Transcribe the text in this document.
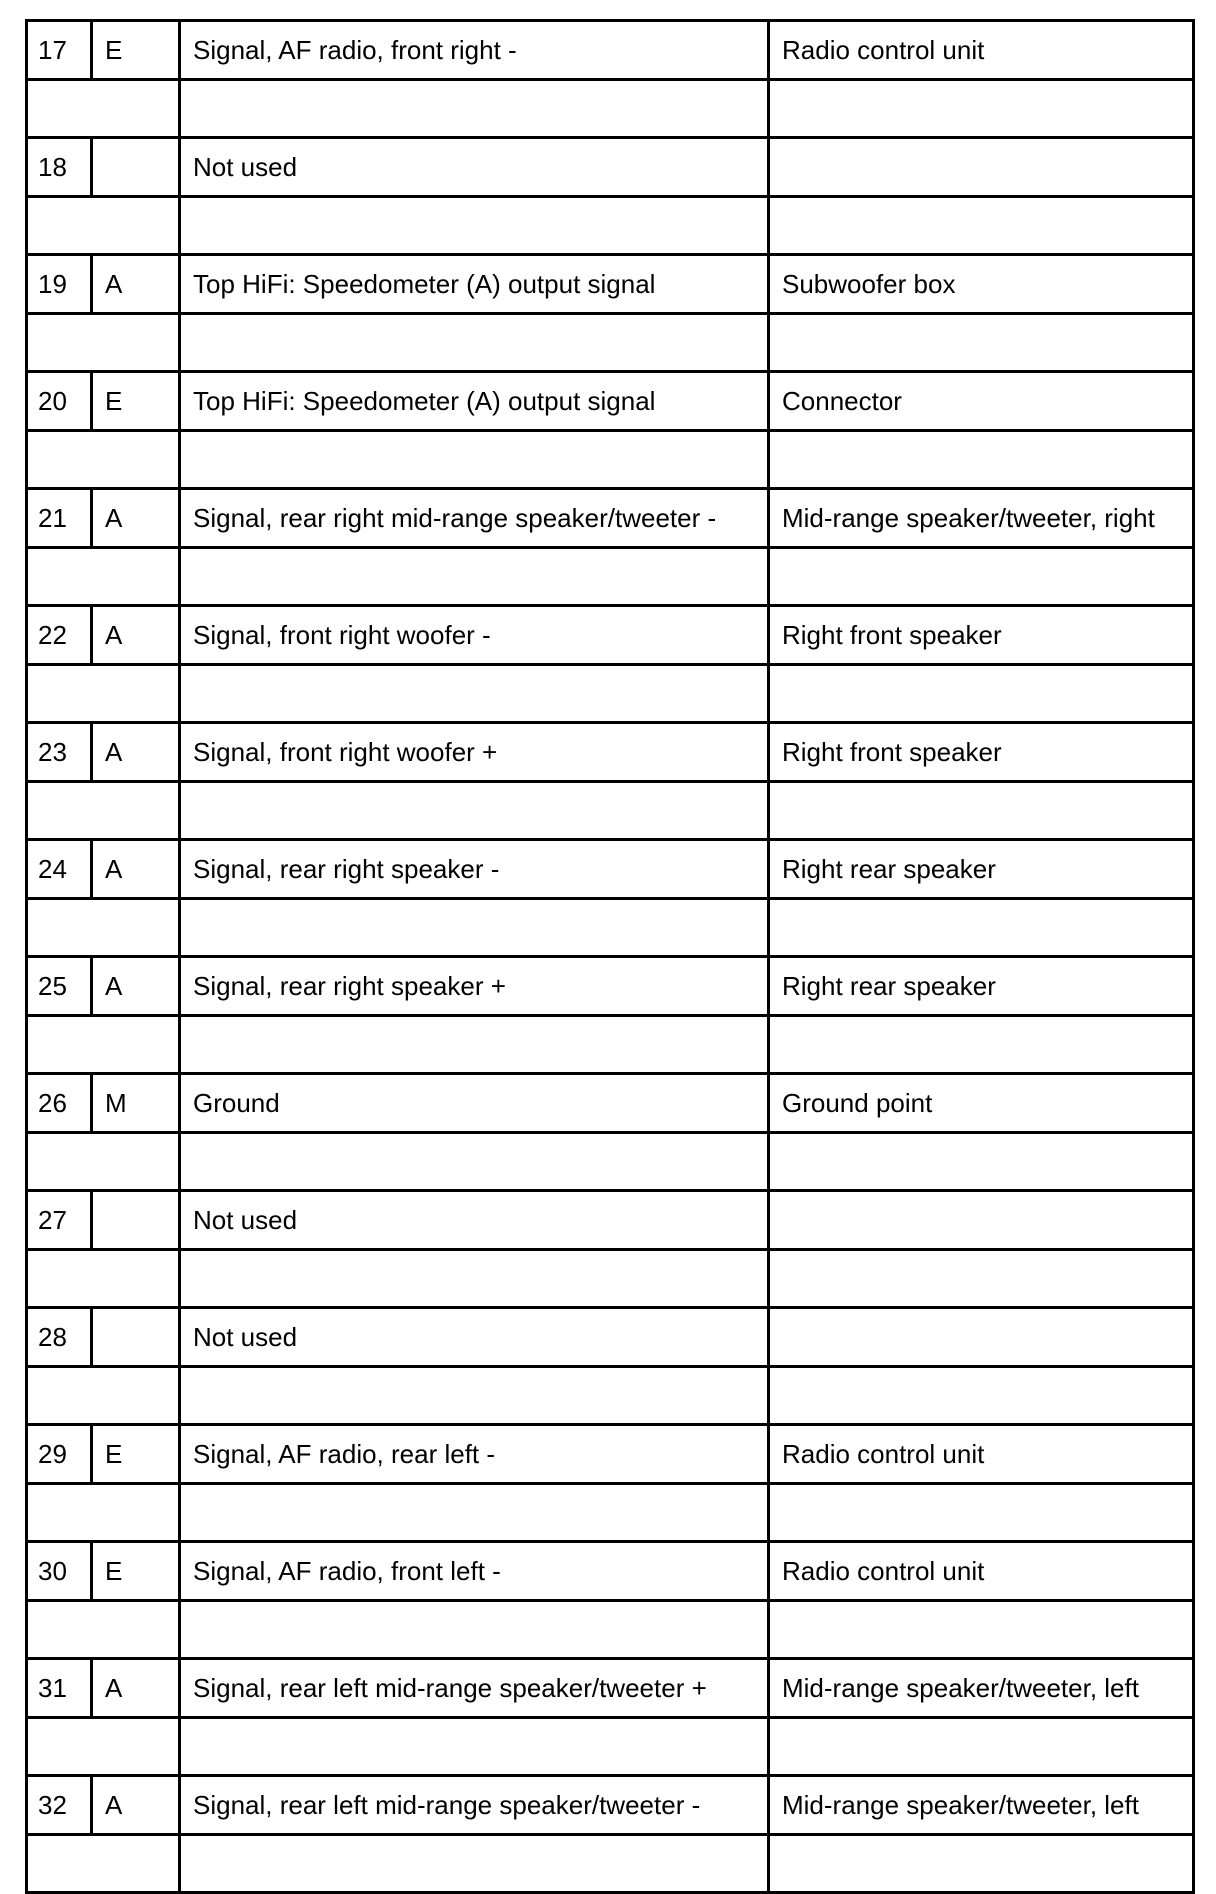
17	E	Signal, AF radio, front right -	Radio control unit

18		Not used	

19	A	Top HiFi: Speedometer (A) output signal	Subwoofer box

20	E	Top HiFi: Speedometer (A) output signal	Connector

21	A	Signal, rear right mid-range speaker/tweeter -	Mid-range speaker/tweeter, right

22	A	Signal, front right woofer -	Right front speaker

23	A	Signal, front right woofer +	Right front speaker

24	A	Signal, rear right speaker -	Right rear speaker

25	A	Signal, rear right speaker +	Right rear speaker

26	M	Ground	Ground point

27		Not used	

28		Not used	

29	E	Signal, AF radio, rear left -	Radio control unit

30	E	Signal, AF radio, front left -	Radio control unit

31	A	Signal, rear left mid-range speaker/tweeter +	Mid-range speaker/tweeter, left

32	A	Signal, rear left mid-range speaker/tweeter -	Mid-range speaker/tweeter, left
